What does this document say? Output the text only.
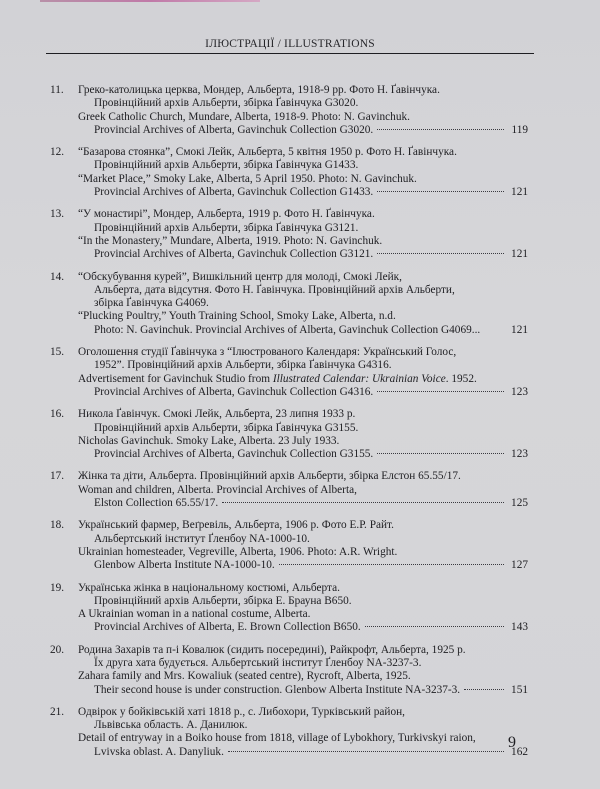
ІЛЮСТРАЦІЇ / ILLUSTRATIONS
11.	Греко-католицька церква, Мондер, Альберта, 1918-9 рр. Фото Н. Ґавінчука.
Провінційний архів Альберти, збірка Ґавінчука G3020.
Greek Catholic Church, Mundare, Alberta, 1918-9. Photo: N. Gavinchuk.
Provincial Archives of Alberta, Gavinchuk Collection G3020.	119
12.	“Базарова стоянка”, Смокі Лейк, Альберта, 5 квітня 1950 р. Фото Н. Ґавінчука.
Провінційний архів Альберти, збірка Ґавінчука G1433.
“Market Place,” Smoky Lake, Alberta, 5 April 1950. Photo: N. Gavinchuk.
Provincial Archives of Alberta, Gavinchuk Collection G1433.	121
13.	“У монастирі”, Мондер, Альберта, 1919 р. Фото Н. Ґавінчука.
Провінційний архів Альберти, збірка Ґавінчука G3121.
“In the Monastery,” Mundare, Alberta, 1919. Photo: N. Gavinchuk.
Provincial Archives of Alberta, Gavinchuk Collection G3121.	121
14.	“Обскубування курей”, Вишкільний центр для молоді, Смокі Лейк,
Альберта, дата відсутня. Фото Н. Ґавінчука. Провінційний архів Альберти,
збірка Ґавінчука G4069.
“Plucking Poultry,” Youth Training School, Smoky Lake, Alberta, n.d.
Photo: N. Gavinchuk. Provincial Archives of Alberta, Gavinchuk Collection G4069...	121
15.	Оголошення студії Ґавінчука з “Ілюстрованого Календаря: Український Голос,
1952”. Провінційний архів Альберти, збірка Ґавінчука G4316.
Advertisement for Gavinchuk Studio from Illustrated Calendar: Ukrainian Voice. 1952.
Provincial Archives of Alberta, Gavinchuk Collection G4316.	123
16.	Никола Ґавінчук. Смокі Лейк, Альберта, 23 липня 1933 р.
Провінційний архів Альберти, збірка Ґавінчука G3155.
Nicholas Gavinchuk. Smoky Lake, Alberta. 23 July 1933.
Provincial Archives of Alberta, Gavinchuk Collection G3155.	123
17.	Жінка та діти, Альберта. Провінційний архів Альберти, збірка Елстон 65.55/17.
Woman and children, Alberta. Provincial Archives of Alberta,
Elston Collection 65.55/17.	125
18.	Український фармер, Веґревіль, Альберта, 1906 р. Фото Е.Р. Райт.
Альбертський інститут Ґленбоу NA-1000-10.
Ukrainian homesteader, Vegreville, Alberta, 1906. Photo: A.R. Wright.
Glenbow Alberta Institute NA-1000-10.	127
19.	Українська жінка в національному костюмі, Альберта.
Провінційний архів Альберти, збірка Е. Брауна B650.
A Ukrainian woman in a national costume, Alberta.
Provincial Archives of Alberta, E. Brown Collection B650.	143
20.	Родина Захарів та п-і Ковалюк (сидить посередині), Райкрофт, Альберта, 1925 р.
Їх друга хата будується. Альбертський інститут Ґленбоу NA-3237-3.
Zahara family and Mrs. Kowaliuk (seated centre), Rycroft, Alberta, 1925.
Their second house is under construction. Glenbow Alberta Institute NA-3237-3.	151
21.	Одвірок у бойківській хаті 1818 р., с. Либохори, Турківський район,
Львівська область. А. Данилюк.
Detail of entryway in a Boiko house from 1818, village of Lybokhory, Turkivskyi raion,
Lvivska oblast. A. Danyliuk.	162
9
